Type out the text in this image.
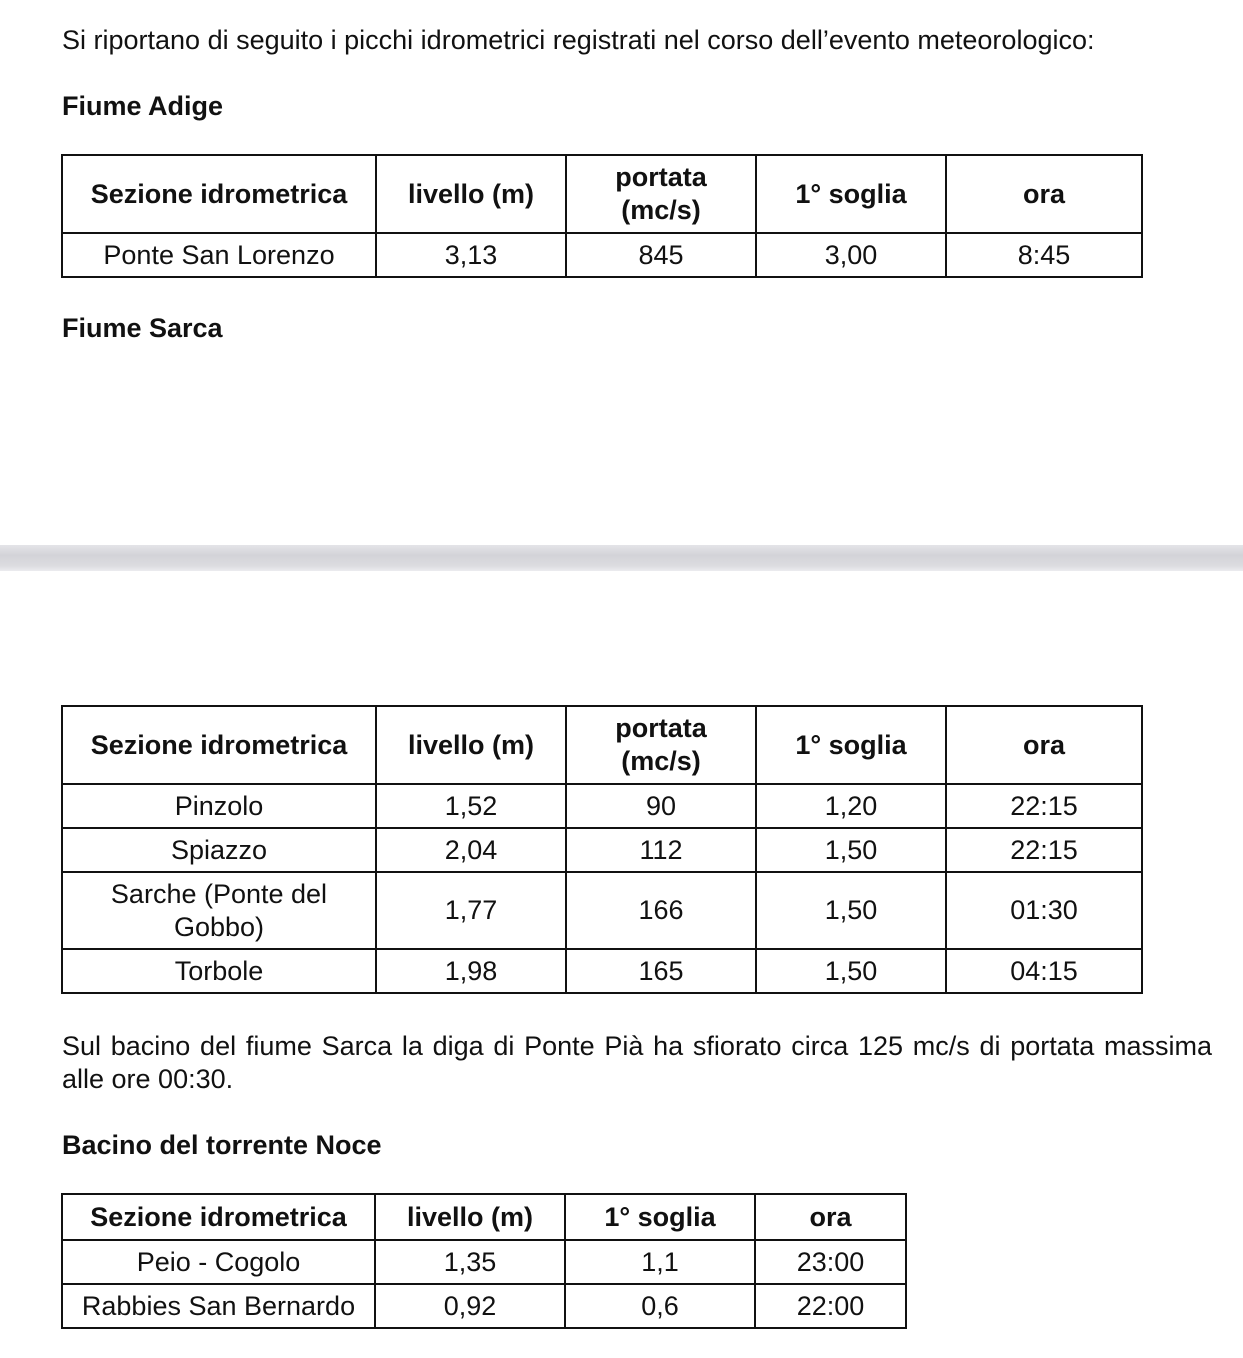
Si riportano di seguito i picchi idrometrici registrati nel corso dell’evento meteorologico:

Fiume Adige
Sezione idrometrica	livello (m)	portata (mc/s)	1° soglia	ora
Ponte San Lorenzo	3,13	845	3,00	8:45
Fiume Sarca
Sezione idrometrica	livello (m)	portata (mc/s)	1° soglia	ora
Pinzolo	1,52	90	1,20	22:15
Spiazzo	2,04	112	1,50	22:15
Sarche (Ponte del Gobbo)	1,77	166	1,50	01:30
Torbole	1,98	165	1,50	04:15

Sul bacino del fiume Sarca la diga di Ponte Pià ha sfiorato circa 125 mc/s di portata massima alle ore 00:30.

Bacino del torrente Noce
Sezione idrometrica	livello (m)	1° soglia	ora
Peio - Cogolo	1,35	1,1	23:00
Rabbies San Bernardo	0,92	0,6	22:00
